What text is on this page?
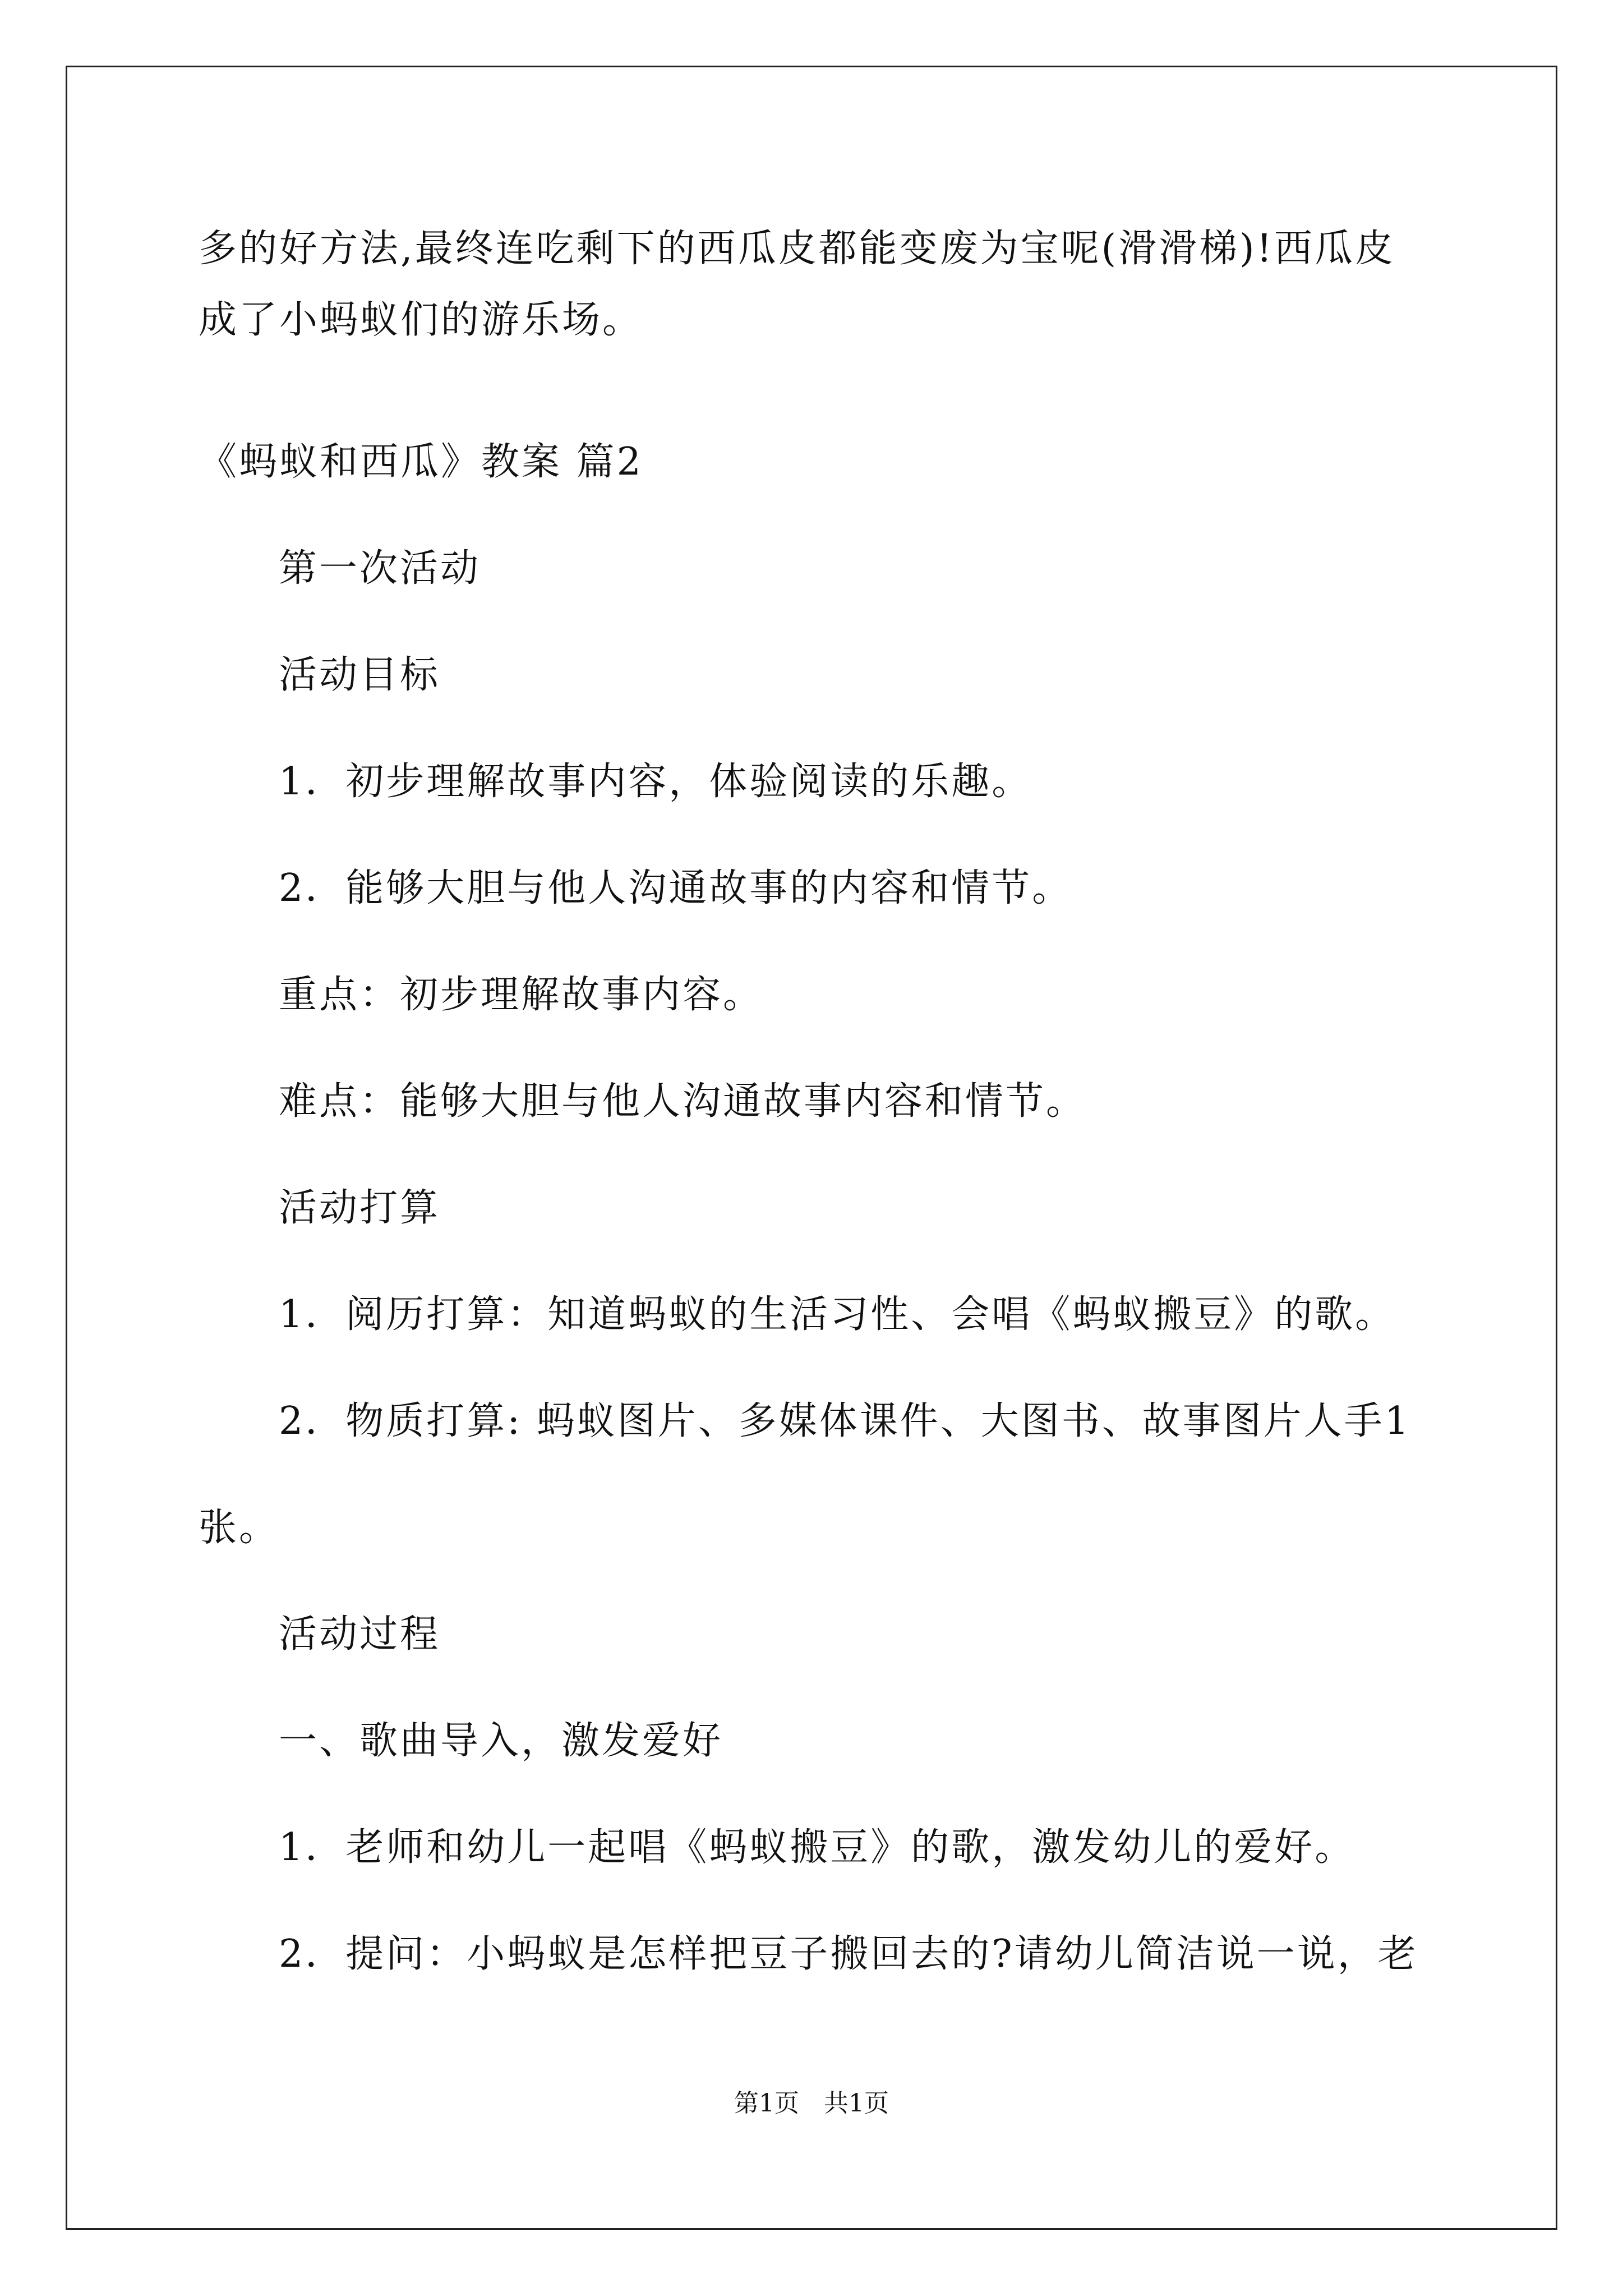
多的好方法,最终连吃剩下的西瓜皮都能变废为宝呢(滑滑梯)!西瓜皮
成了小蚂蚁们的游乐场。
《蚂蚁和西瓜》教案 篇2
第一次活动
活动目标
1．初步理解故事内容，体验阅读的乐趣。
2．能够大胆与他人沟通故事的内容和情节。
重点：初步理解故事内容。
难点：能够大胆与他人沟通故事内容和情节。
活动打算
1．阅历打算：知道蚂蚁的生活习性、会唱《蚂蚁搬豆》的歌。
2．物质打算: 蚂蚁图片、多媒体课件、大图书、故事图片人手1
张。
活动过程
一、歌曲导入，激发爱好
1．老师和幼儿一起唱《蚂蚁搬豆》的歌，激发幼儿的爱好。
2．提问：小蚂蚁是怎样把豆子搬回去的?请幼儿简洁说一说，老
第1页　共1页
